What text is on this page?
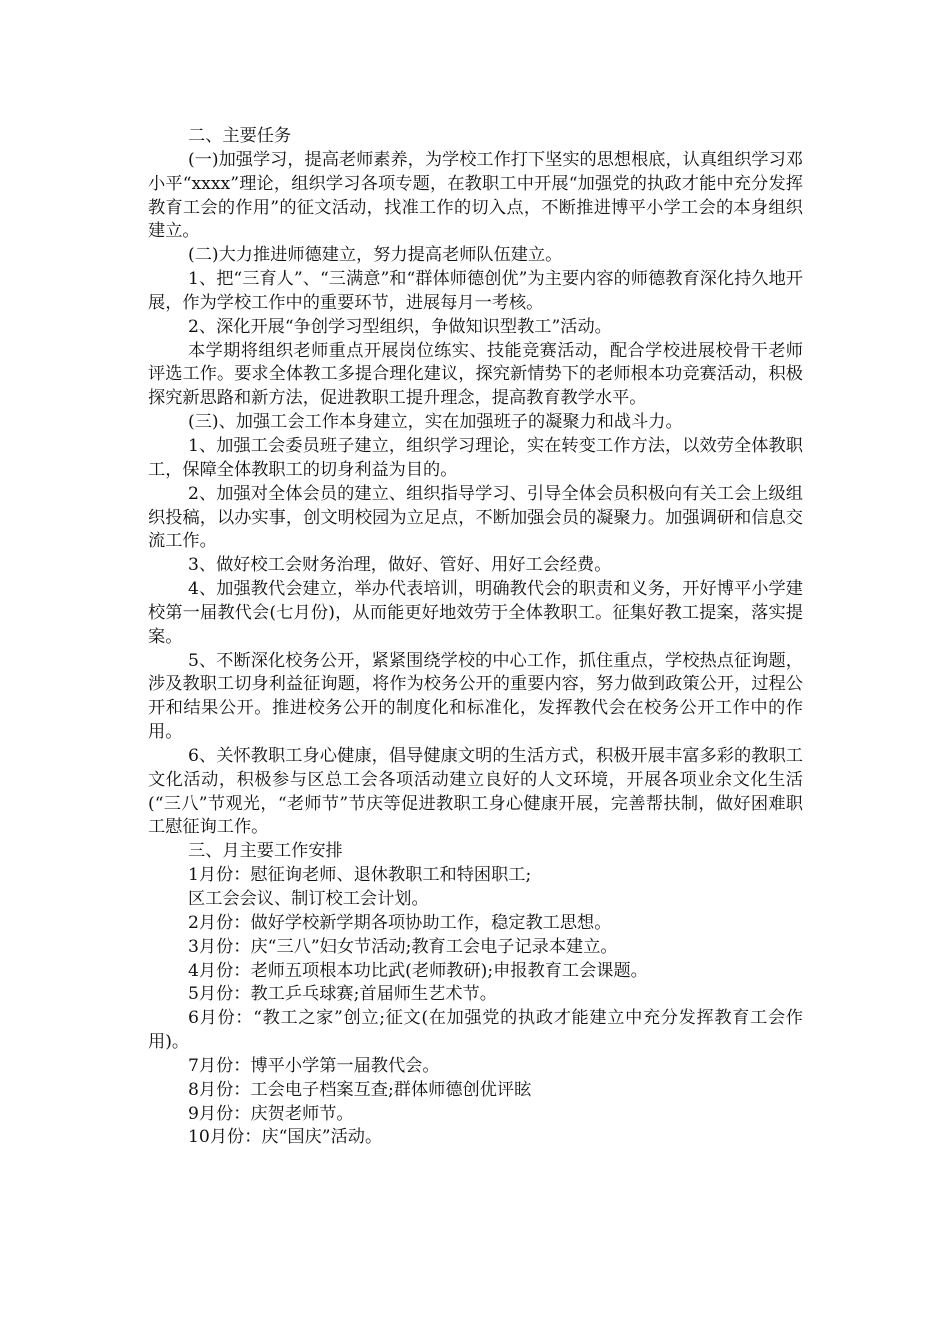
二、主要任务

(一)加强学习，提高老师素养，为学校工作打下坚实的思想根底，认真组织学习邓小平“xxxx”理论，组织学习各项专题，在教职工中开展“加强党的执政才能中充分发挥教育工会的作用”的征文活动，找准工作的切入点，不断推进博平小学工会的本身组织建立。

(二)大力推进师德建立，努力提高老师队伍建立。

1、把“三育人”、“三满意”和“群体师德创优”为主要内容的师德教育深化持久地开展，作为学校工作中的重要环节，进展每月一考核。

2、深化开展“争创学习型组织，争做知识型教工”活动。

本学期将组织老师重点开展岗位练实、技能竞赛活动，配合学校进展校骨干老师评选工作。要求全体教工多提合理化建议，探究新情势下的老师根本功竞赛活动，积极探究新思路和新方法，促进教职工提升理念，提高教育教学水平。

(三)、加强工会工作本身建立，实在加强班子的凝聚力和战斗力。

1、加强工会委员班子建立，组织学习理论，实在转变工作方法，以效劳全体教职工，保障全体教职工的切身利益为目的。

2、加强对全体会员的建立、组织指导学习、引导全体会员积极向有关工会上级组织投稿，以办实事，创文明校园为立足点，不断加强会员的凝聚力。加强调研和信息交流工作。

3、做好校工会财务治理，做好、管好、用好工会经费。

4、加强教代会建立，举办代表培训，明确教代会的职责和义务，开好博平小学建校第一届教代会(七月份)，从而能更好地效劳于全体教职工。征集好教工提案，落实提案。

5、不断深化校务公开，紧紧围绕学校的中心工作，抓住重点，学校热点征询题，涉及教职工切身利益征询题，将作为校务公开的重要内容，努力做到政策公开，过程公开和结果公开。推进校务公开的制度化和标准化，发挥教代会在校务公开工作中的作用。

6、关怀教职工身心健康，倡导健康文明的生活方式，积极开展丰富多彩的教职工文化活动，积极参与区总工会各项活动建立良好的人文环境，开展各项业余文化生活(“三八”节观光，“老师节”节庆等促进教职工身心健康开展，完善帮扶制，做好困难职工慰征询工作。

三、月主要工作安排

1月份：慰征询老师、退休教职工和特困职工;

区工会会议、制订校工会计划。

2月份：做好学校新学期各项协助工作，稳定教工思想。

3月份：庆“三八”妇女节活动;教育工会电子记录本建立。

4月份：老师五项根本功比武(老师教研);申报教育工会课题。

5月份：教工乒乓球赛;首届师生艺术节。

6月份：“教工之家”创立;征文(在加强党的执政才能建立中充分发挥教育工会作用)。

7月份：博平小学第一届教代会。

8月份：工会电子档案互查;群体师德创优评眩

9月份：庆贺老师节。

10月份：庆“国庆”活动。
